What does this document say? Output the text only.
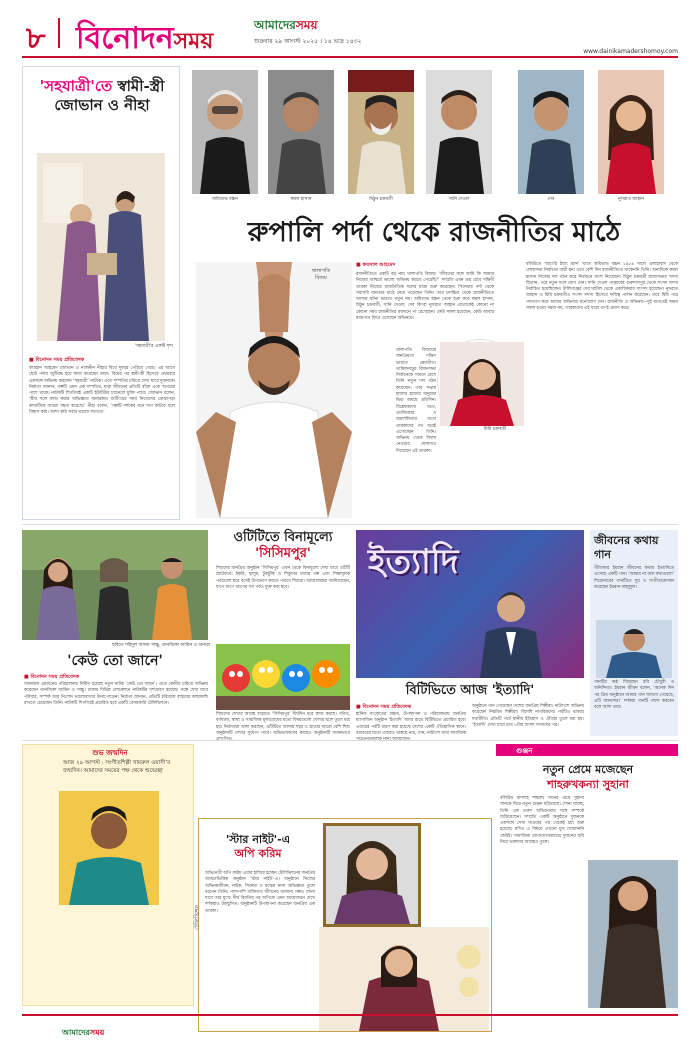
৮ বিনোদনসময়
আমাদেরসময়
শুক্রবার ২৯ আগস্ট ২০২৫ । ১৪ ভাদ্র ১৪৩২
www.dainikamadershomoy.com
'সহযাত্রী'তে স্বামী-স্ত্রী জোভান ও নীহা
'সহযাত্রী'র একটি দৃশ্য
■ বিনোদন সময় প্রতিবেদক
ফারহান আহমেদ জোভান ও নাজনীন নীহার বিয়ে দুবছর পেরিয়ে গেছে। এর আগে ছোট পর্দায় জুটিবদ্ধ হয়ে কাজ করেছেন তারা। বিয়ের পর স্বামী-স্ত্রী হিসেবে প্রথমবার একসঙ্গে অভিনয় করলেন ‘সহযাত্রী’ নাটকে। এতে দম্পতির চরিত্রে দেখা যাবে দুজনকে। নির্মাতা জানান, গল্পটি এমন এক দম্পতির, যারা জীবনের প্রতিটি বাঁকে একে অপরের পাশে থাকে। নাটকটি শিগগিরই একটি ইউটিউব চ্যানেলে মুক্তি পাবে। জোভান বলেন, ‘স্ত্রীর সঙ্গে কাজ করার অভিজ্ঞতা অন্যরকম। শুটিংয়ের সময় নিজেদের বোঝাপড়া কাজটিকে আরো সহজ করেছে।’ নীহা বলেন, ‘গল্পটি দর্শকের মনে দাগ কাটবে বলে বিশ্বাস করি। আশা করি সবার ভালো লাগবে।’
অমিতাভ বচ্চন	কমল হাসান	মিঠুন চক্রবর্তী	সানি দেওল	দেব	নুসরাত জাহান
রুপালি পর্দা থেকে রাজনীতির মাঠে
থালাপতি
বিজয়
■ ফয়সাল আহমেদ
রাজনীতিতে একটি বড় নাম থালাপতি বিজয়। ‘জীবনের সঙ্গে আমি কি আমার নিজের আশ্চর্যে ভালো অভিনয় করতে পেরেছি?’ সম্প্রতি এমন প্রশ্ন রেখে দক্ষিণী তারকা নিজের রাজনৈতিক দলের যাত্রা শুরু করেছেন। সিনেমার পর্দা থেকে সরাসরি জনতার মাঠে নেমে পড়েছেন তিনি। তবে চলচ্চিত্র থেকে রাজনীতিতে আসার ঘটনা ভারতে নতুন নয়। অমিতাভ বচ্চন থেকে শুরু করে কমল হাসান, মিঠুন চক্রবর্তী, সানি দেওল, দেব কিংবা নুসরাত জাহান প্রত্যেকেই কোনো না কোনো সময় রাজনীতির ময়দানে পা রেখেছেন। কেউ সফল হয়েছেন, কেউ আবার মাঝপথে ফিরে এসেছেন অভিনয়ে।
থালাপতি বিজয়ের জনপ্রিয়তা দক্ষিণ ভারতে প্রশ্নাতীত। তামিলনাড়ুর বিধানসভা নির্বাচনকে সামনে রেখে তিনি নতুন দল গঠন করেছেন। তার সভায় হাজার হাজার মানুষের ভিড় জমছে প্রতিদিন। বিশ্লেষকদের মতে, এমজিআর ও জয়ললিতার মতো তারকাদের পথ ধরেই এগোচ্ছেন তিনি। অভিনয় থেকে বিদায় নেওয়ার ঘোষণাও দিয়েছেন এই তারকা।
মিমি চক্রবর্তী
বলিউডে ‘অ্যাংরি ইয়াং ম্যান’ খ্যাত অমিতাভ বচ্চন ১৯৮৪ সালে এলাহাবাদ থেকে লোকসভা নির্বাচনে জয়ী হন। তবে বেশি দিন রাজনীতিতে থাকেননি তিনি। অন্যদিকে কমল হাসান নিজের দল গঠন করে নির্বাচনে অংশ নিয়েছেন। মিঠুন চক্রবর্তী রাজ্যসভার সদস্য ছিলেন, পরে নতুন দলে যোগ দেন। সানি দেওল পাঞ্জাবের গুরুদাসপুর থেকে সংসদ সদস্য নির্বাচিত হয়েছিলেন। টালিগঞ্জের দেব ঘাটাল থেকে একাধিকবার সাংসদ হয়েছেন। নুসরাত জাহান ও মিমি চক্রবর্তীও সংসদ সদস্য হিসেবে দায়িত্ব পালন করেছেন। তবে মিমি পরে পদত্যাগ করে আবার অভিনয়ে মনোযোগ দেন। রাজনীতি ও অভিনয়—দুই জগতেই সমান সফল হওয়া সহজ নয়, তারকাদের এই যাত্রা তা-ই প্রমাণ করে।
ছবিতে শহিদুল আলম সাচ্চু, তানজিকা আমিন ও অন্যরা
'কেউ তো জানে'
■ বিনোদন সময় প্রতিবেদক
আনজাম এমরানের পরিচালনায় নির্মিত হয়েছে নতুন নাটক ‘কেউ তো জানে’। এতে কেন্দ্রীয় চরিত্রে অভিনয় করেছেন তানজিকা আমিন ও সাচ্চু। ঢাকার বিভিন্ন লোকেশনে নাটকটির দৃশ্যধারণ হয়েছে। গল্পে দেখা যাবে পরিবার, সম্পর্ক আর নিঃশব্দ ভালোবাসার টানাপোড়েন। নির্মাতা জানান, প্রতিটি চরিত্রকে বাস্তবের কাছাকাছি রাখতে চেয়েছেন তিনি। নাটকটি শিগগিরই প্রচারিত হবে একটি বেসরকারি টেলিভিশনে।
ওটিটিতে বিনামূল্যে
'সিসিমপুর'
শিশুদের জনপ্রিয় অনুষ্ঠান ‘সিসিমপুর’ এখন থেকে বিনামূল্যে দেখা যাবে ওটিটি প্ল্যাটফর্মে। ইকরি, হালুম, টুকটুকি ও শিকুদের মজার গল্প এবং শিক্ষামূলক পর্বগুলো ঘরে বসেই উপভোগ করতে পারবে শিশুরা। আয়োজকরা জানিয়েছেন, ধাপে ধাপে আগের সব পর্বও যুক্ত করা হবে।
শিশুদের শেখার আগ্রহ বাড়াতে ‘সিসিমপুর’ দীর্ঘদিন ধরে কাজ করছে। গণিত, বর্ণমালা, স্বাস্থ্য ও সামাজিক মূল্যবোধের মতো বিষয়গুলো খেলার ছলে তুলে ধরা হয়। নির্মাতারা আশা করছেন, ওটিটিতে আসায় শহর ও গ্রামের আরো বেশি শিশু অনুষ্ঠানটি দেখার সুযোগ পাবে। অভিভাবকদের কাছেও অনুষ্ঠানটি সমানভাবে
ইত্যাদি
বিটিভিতে আজ 'ইত্যাদি'
■ বিনোদন সময় প্রতিবেদক
হানিফ সংকেতের গ্রন্থনা, উপস্থাপনা ও পরিচালনায় জনপ্রিয় ম্যাগাজিন অনুষ্ঠান ‘ইত্যাদি’ আজ রাতে বিটিভিতে প্রচারিত হবে। এবারের পর্বটি ধারণ করা হয়েছে দেশের একটি ঐতিহাসিক স্থানে। বরাবরের মতো এবারও থাকছে নাচ, গান, নাট্যাংশ আর সামাজিক
অনুষ্ঠানে গান গেয়েছেন দেশের জনপ্রিয় শিল্পীরা। নাট্যাংশে অভিনয় করেছেন নিয়মিত শিল্পীরা। বিদেশি নাগরিকদের পর্বটিও থাকছে যথারীতি। প্রতিটি পর্বে স্থানীয় ইতিহাস ও ঐতিহ্য তুলে ধরা হয়। ‘ইত্যাদি’ দেখা যাবে রাত ৮টার বাংলা সংবাদের পর।
জীবনের কথায় গান
গীতিকার ইমরান জীবনের কথায় ইত্যাদিতে এসেছে একটি গান। ‘আমার না বলা কথাগুলো’ শিরোনামের গানটিতে সুর ও সংগীতায়োজন করেছেন ইমরান মাহমুদুল।
গানটির কণ্ঠ দিয়েছেন রবি চৌধুরী ও অনিন্দিতা। ইমরান জীবন বলেন, ‘অনেক দিন পর প্রিয় অনুষ্ঠানে আমার গান জায়গা পেয়েছে, এটি আনন্দের।’ দর্শকরা গানটি পছন্দ করবেন বলে আশা তার।
শুভ জন্মদিন
আজ ২৯ আগস্ট : সংগীতশিল্পী খায়রুল ওয়াসী’র জন্মদিন। আমাদের সময়ের পক্ষ থেকে শুভেচ্ছা
'স্টার নাইট'-এ
অপি করিম
অভিনেত্রী অপি করিম এবার হাজির হচ্ছেন টেলিভিশনের জনপ্রিয় আড্ডাভিত্তিক অনুষ্ঠান ‘স্টার নাইট’-এ। অনুষ্ঠানে নিজের অভিনয়জীবন, নাটক, সিনেমা ও মঞ্চের নানা অভিজ্ঞতা তুলে ধরবেন তিনি। পাশাপাশি ব্যক্তিগত জীবনের অজানা গল্পও শোনা যাবে তার মুখে। দীর্ঘ বিরতির পর অপিকে এমন আয়োজনে দেখে দর্শকরাও উচ্ছ্বসিত। অনুষ্ঠানটি উপস্থাপনা করেছেন জনপ্রিয় এক তারকা।
গুঞ্জন
নতুন প্রেমে মজেছেন
শাহরুখকন্যা সুহানা
বলিউড বাদশাহ শাহরুখ খানের মেয়ে সুহানা খানকে ঘিরে নতুন গুঞ্জন ছড়িয়েছে। শোনা যাচ্ছে, তিনি এক তরুণ অভিনেতার সঙ্গে সম্পর্কে জড়িয়েছেন। সম্প্রতি একটি অনুষ্ঠানে দুজনকে একসঙ্গে দেখা যাওয়ার পর থেকেই চর্চা শুরু হয়েছে। যদিও এ বিষয়ে এখনো মুখ খোলেননি কেউই। সামাজিক যোগাযোগমাধ্যমে দুজনের ছবি নিয়ে ভক্তদের আগ্রহও তুঙ্গে।
আমাদেরসময়
টেলিভিশন
